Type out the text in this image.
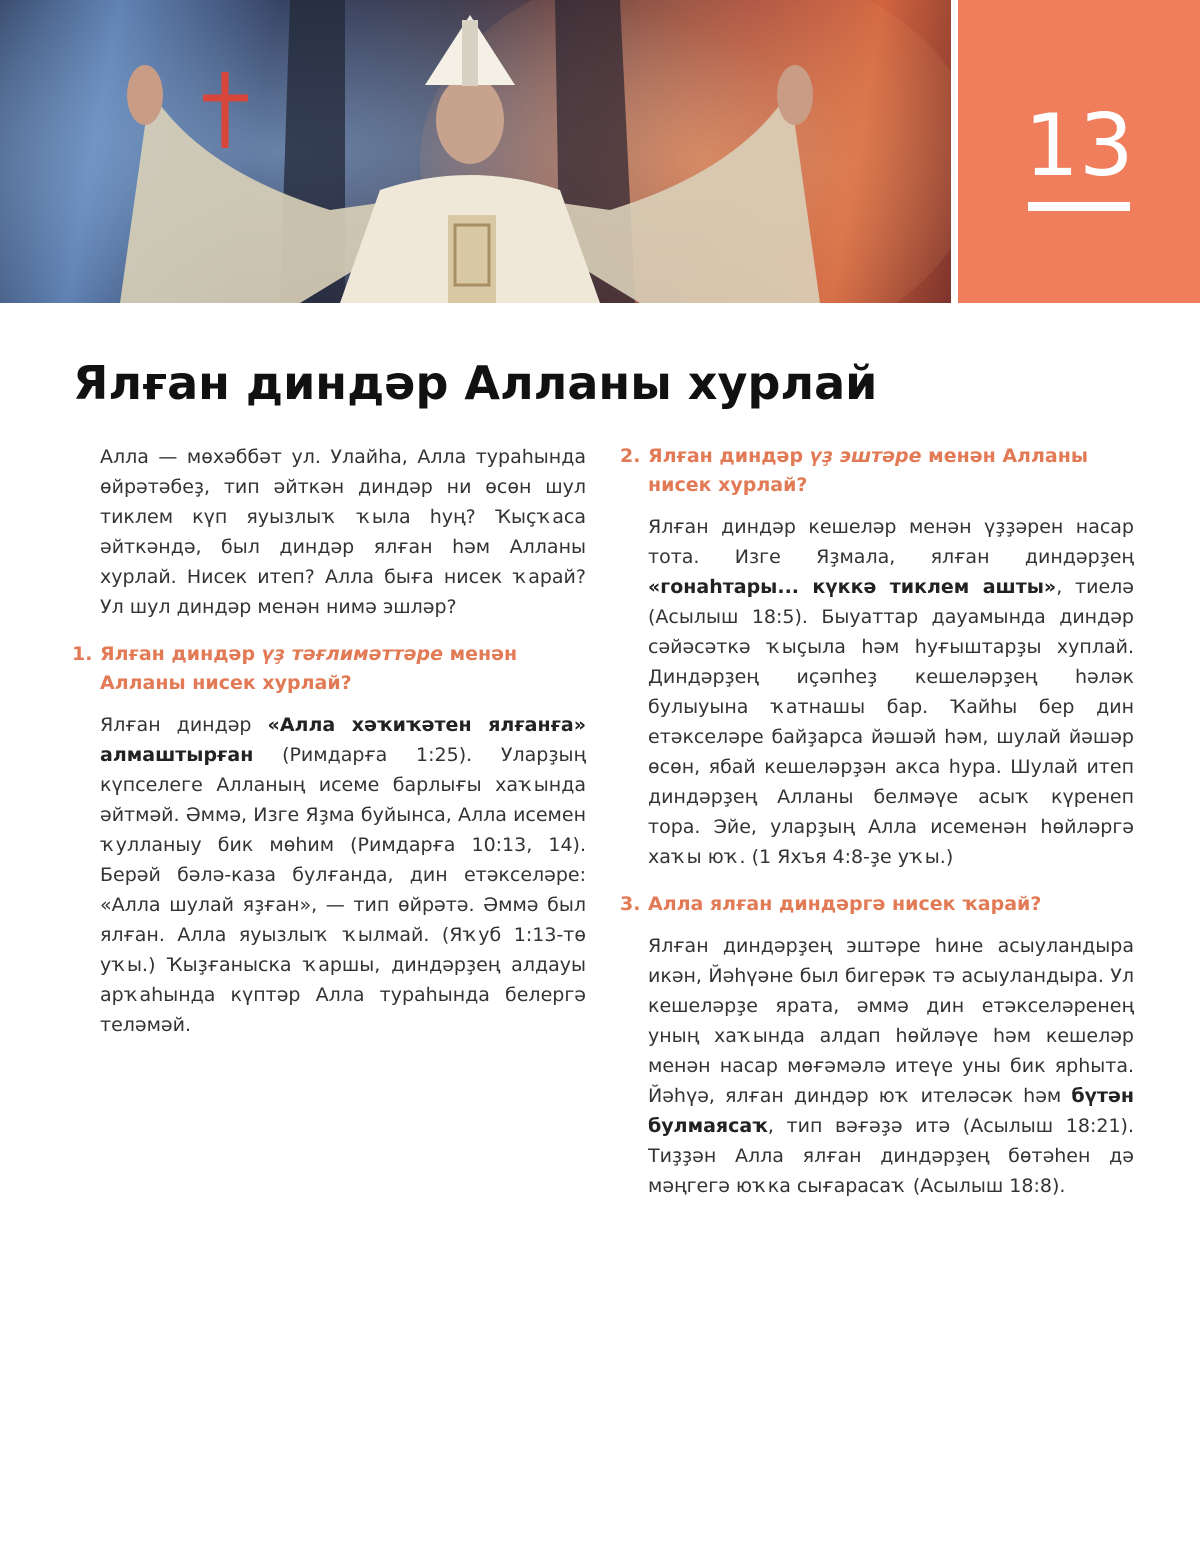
13
Ялған диндәр Алланы хурлай

Алла — мөхәббәт ул. Улайһа, Алла тураһында өйрәтәбеҙ, тип әйткән диндәр ни өсөн шул тиклем күп яуызлыҡ ҡыла һуң? Ҡыҫҡаса әйткәндә, был диндәр ялған һәм Алланы хурлай. Нисек итеп? Алла быға нисек ҡарай? Ул шул диндәр менән нимә эшләр?

1. Ялған диндәр үҙ тәғлимәттәре менән Алланы нисек хурлай?

Ялған диндәр «Алла хәҡиҡәтен ялғанға» алмаштырған (Римдарға 1:25). Уларҙың күпселеге Алланың исеме барлығы хаҡында әйтмәй. Әммә, Изге Яҙма буйынса, Алла исемен ҡулланыу бик мөһим (Римдарға 10:13, 14). Берәй бәлә-каза булғанда, дин етәкселәре: «Алла шулай яҙған», — тип өйрәтә. Әммә был ялған. Алла яуызлыҡ ҡылмай. (Яҡуб 1:13-тө уҡы.) Ҡыҙғаныска ҡаршы, диндәрҙең алдауы арҡаһында күптәр Алла тураһында белергә теләмәй.

2. Ялған диндәр үҙ эштәре менән Алланы нисек хурлай?

Ялған диндәр кешеләр менән үҙҙәрен насар тота. Изге Яҙмала, ялған диндәрҙең «гонаһтары... күккә тиклем ашты», тиелә (Асылыш 18:5). Быуаттар дауамында диндәр сәйәсәткә ҡыҫыла һәм һуғыштарҙы хуплай. Диндәрҙең иҫәпһеҙ кешеләрҙең һәләк булыуына ҡатнашы бар. Ҡайһы бер дин етәкселәре байҙарса йәшәй һәм, шулай йәшәр өсөн, ябай кешеләрҙән акса һура. Шулай итеп диндәрҙең Алланы белмәүе асыҡ күренеп тора. Эйе, уларҙың Алла исеменән һөйләргә хаҡы юҡ. (1 Яхъя 4:8-ҙе уҡы.)

3. Алла ялған диндәргә нисек ҡарай?

Ялған диндәрҙең эштәре һине асыуландыра икән, Йәһүәне был бигерәк тә асыуландыра. Ул кешеләрҙе ярата, әммә дин етәкселәренең уның хаҡында алдап һөйләүе һәм кешеләр менән насар мөғәмәлә итеүе уны бик ярһыта. Йәһүә, ялған диндәр юҡ ителәсәк һәм бүтән булмаясаҡ, тип вәғәҙә итә (Асылыш 18:21). Тиҙҙән Алла ялған диндәрҙең бөтәһен дә мәңгегә юҡка сығарасаҡ (Асылыш 18:8).
